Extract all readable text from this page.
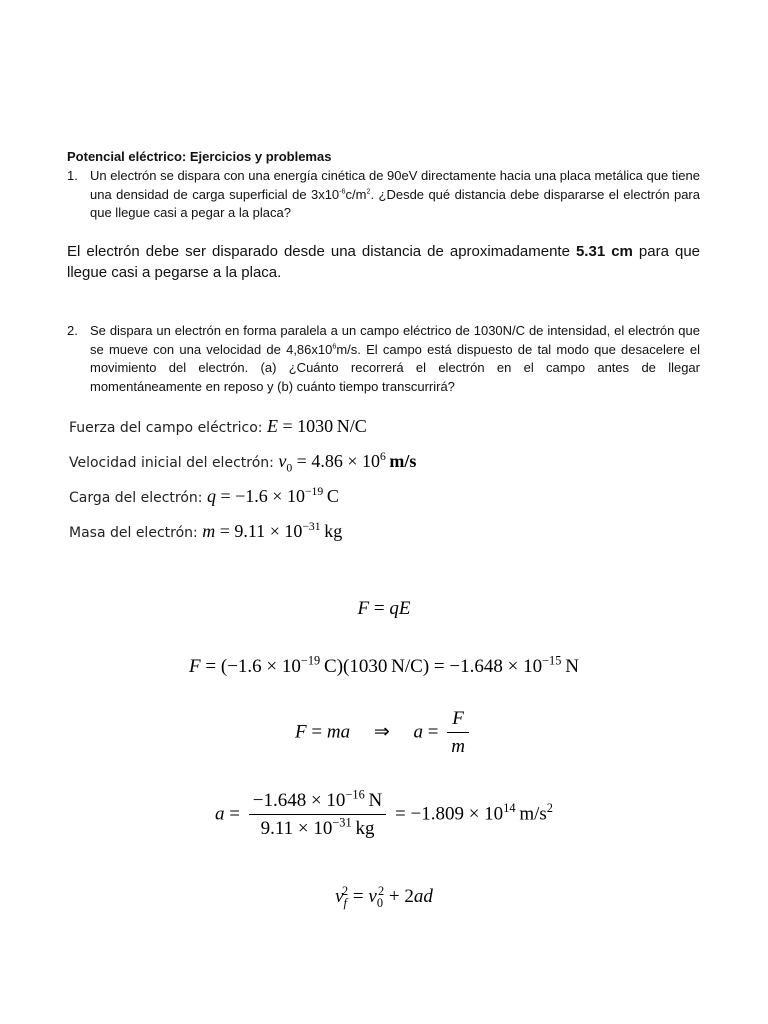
Potencial eléctrico: Ejercicios y problemas
1. Un electrón se dispara con una energía cinética de 90eV directamente hacia una placa metálica que tiene una densidad de carga superficial de $3x10^{-6}c/m^2$. ¿Desde qué distancia debe dispararse el electrón para que llegue casi a pegar a la placa?
El electrón debe ser disparado desde una distancia de aproximadamente 5.31 cm para que llegue casi a pegarse a la placa.
2. Se dispara un electrón en forma paralela a un campo eléctrico de 1030N/C de intensidad, el electrón que se mueve con una velocidad de $4,86x10^6m/s$. El campo está dispuesto de tal modo que desacelere el movimiento del electrón. (a) ¿Cuánto recorrerá el electrón en el campo antes de llegar momentáneamente en reposo y (b) cuánto tiempo transcurrirá?
Fuerza del campo eléctrico: E = 1030  N/C
Velocidad inicial del electrón: $v_0 = 4.86 \times 10^6$  m/s
Carga del electrón: $q = -1.6 \times 10^{-19}$  C
Masa del electrón: $m = 9.11 \times 10^{-31}$  kg
F = qE
$F = (-1.6 \times 10^{-19}$  C)(1030  $N/C) = -1.648 \times 10^{-15}$ N
F = ma     ⇒     $a = \frac{F}{m}$
$a = \frac{-1.648 \times 10^{-16} N}{9.11 \times 10^{-31} kg} = -1.809 \times 10^{14}$  $m/s^2$
$v_f^2 = v_0^2 + 2ad$
